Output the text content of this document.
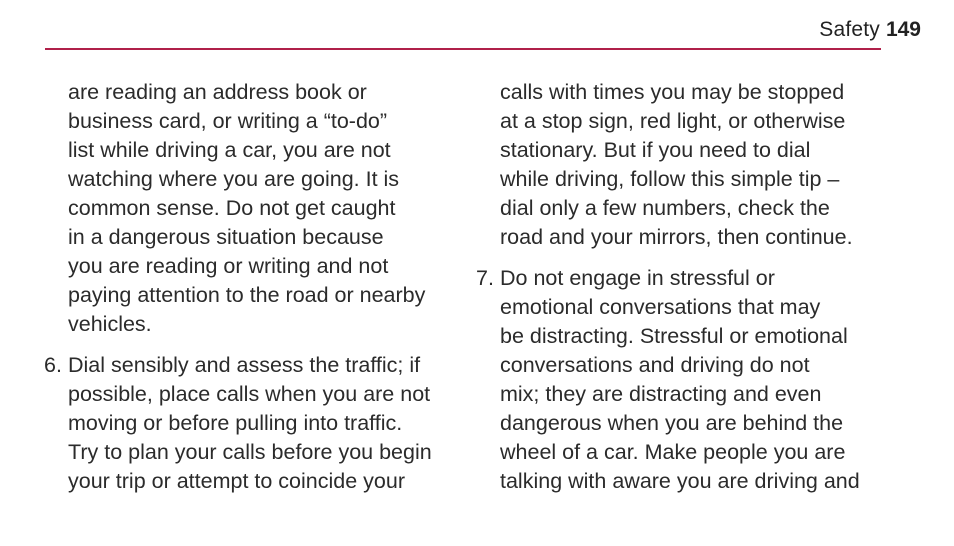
Safety 149
are reading an address book or
business card, or writing a “to-do”
list while driving a car, you are not
watching where you are going. It is
common sense. Do not get caught
in a dangerous situation because
you are reading or writing and not
paying attention to the road or nearby
vehicles.
6. Dial sensibly and assess the traffic; if
possible, place calls when you are not
moving or before pulling into traffic.
Try to plan your calls before you begin
your trip or attempt to coincide your
calls with times you may be stopped
at a stop sign, red light, or otherwise
stationary. But if you need to dial
while driving, follow this simple tip –
dial only a few numbers, check the
road and your mirrors, then continue.
7. Do not engage in stressful or
emotional conversations that may
be distracting. Stressful or emotional
conversations and driving do not
mix; they are distracting and even
dangerous when you are behind the
wheel of a car. Make people you are
talking with aware you are driving and
